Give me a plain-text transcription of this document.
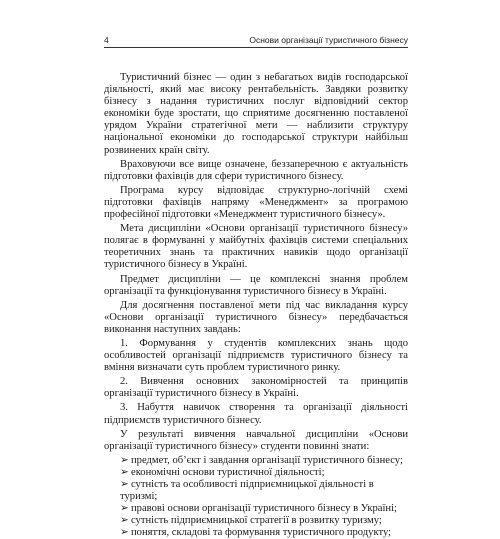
4	Основи організації туристичного бізнесу

Туристичний бізнес — один з небагатьох видів господарської діяльності, який має високу рентабельність. Завдяки розвитку бізнесу з надання туристичних послуг відповідний сектор економіки буде зростати, що сприятиме досягненню поставленої урядом України стратегічної мети — наблизити структуру національної економіки до господарської структури найбільш розвинених країн світу.

Враховуючи все вище означене, беззаперечною є актуальність підготовки фахівців для сфери туристичного бізнесу.

Програма курсу відповідає структурно-логічній схемі підготовки фахівців напряму «Менеджмент» за програмою професійної підготовки «Менеджмент туристичного бізнесу».

Мета дисципліни «Основи організації туристичного бізнесу» полягає в формуванні у майбутніх фахівців системи спеціальних теоретичних знань та практичних навиків щодо організації туристичного бізнесу в Україні.

Предмет дисципліни — це комплексні знання проблем організації та функціонування туристичного бізнесу в Україні.

Для досягнення поставленої мети під час викладання курсу «Основи організації туристичного бізнесу» передбачається виконання наступних завдань:

1. Формування у студентів комплексних знань щодо особливостей організації підприємств туристичного бізнесу та вміння визначати суть проблем туристичного ринку.

2. Вивчення основних закономірностей та принципів організації туристичного бізнесу в Україні.

3. Набуття навичок створення та організації діяльності підприємств туристичного бізнесу.

У результаті вивчення навчальної дисципліни «Основи організації туристичного бізнесу» студенти повинні знати:

➢ предмет, об’єкт і завдання організації туристичного бізнесу;
➢ економічні основи туристичної діяльності;
➢ сутність та особливості підприємницької діяльності в туризмі;
➢ правові основи організації туристичного бізнесу в Україні;
➢ сутність підприємницької стратегії в розвитку туризму;
➢ поняття, складові та формування туристичного продукту;
